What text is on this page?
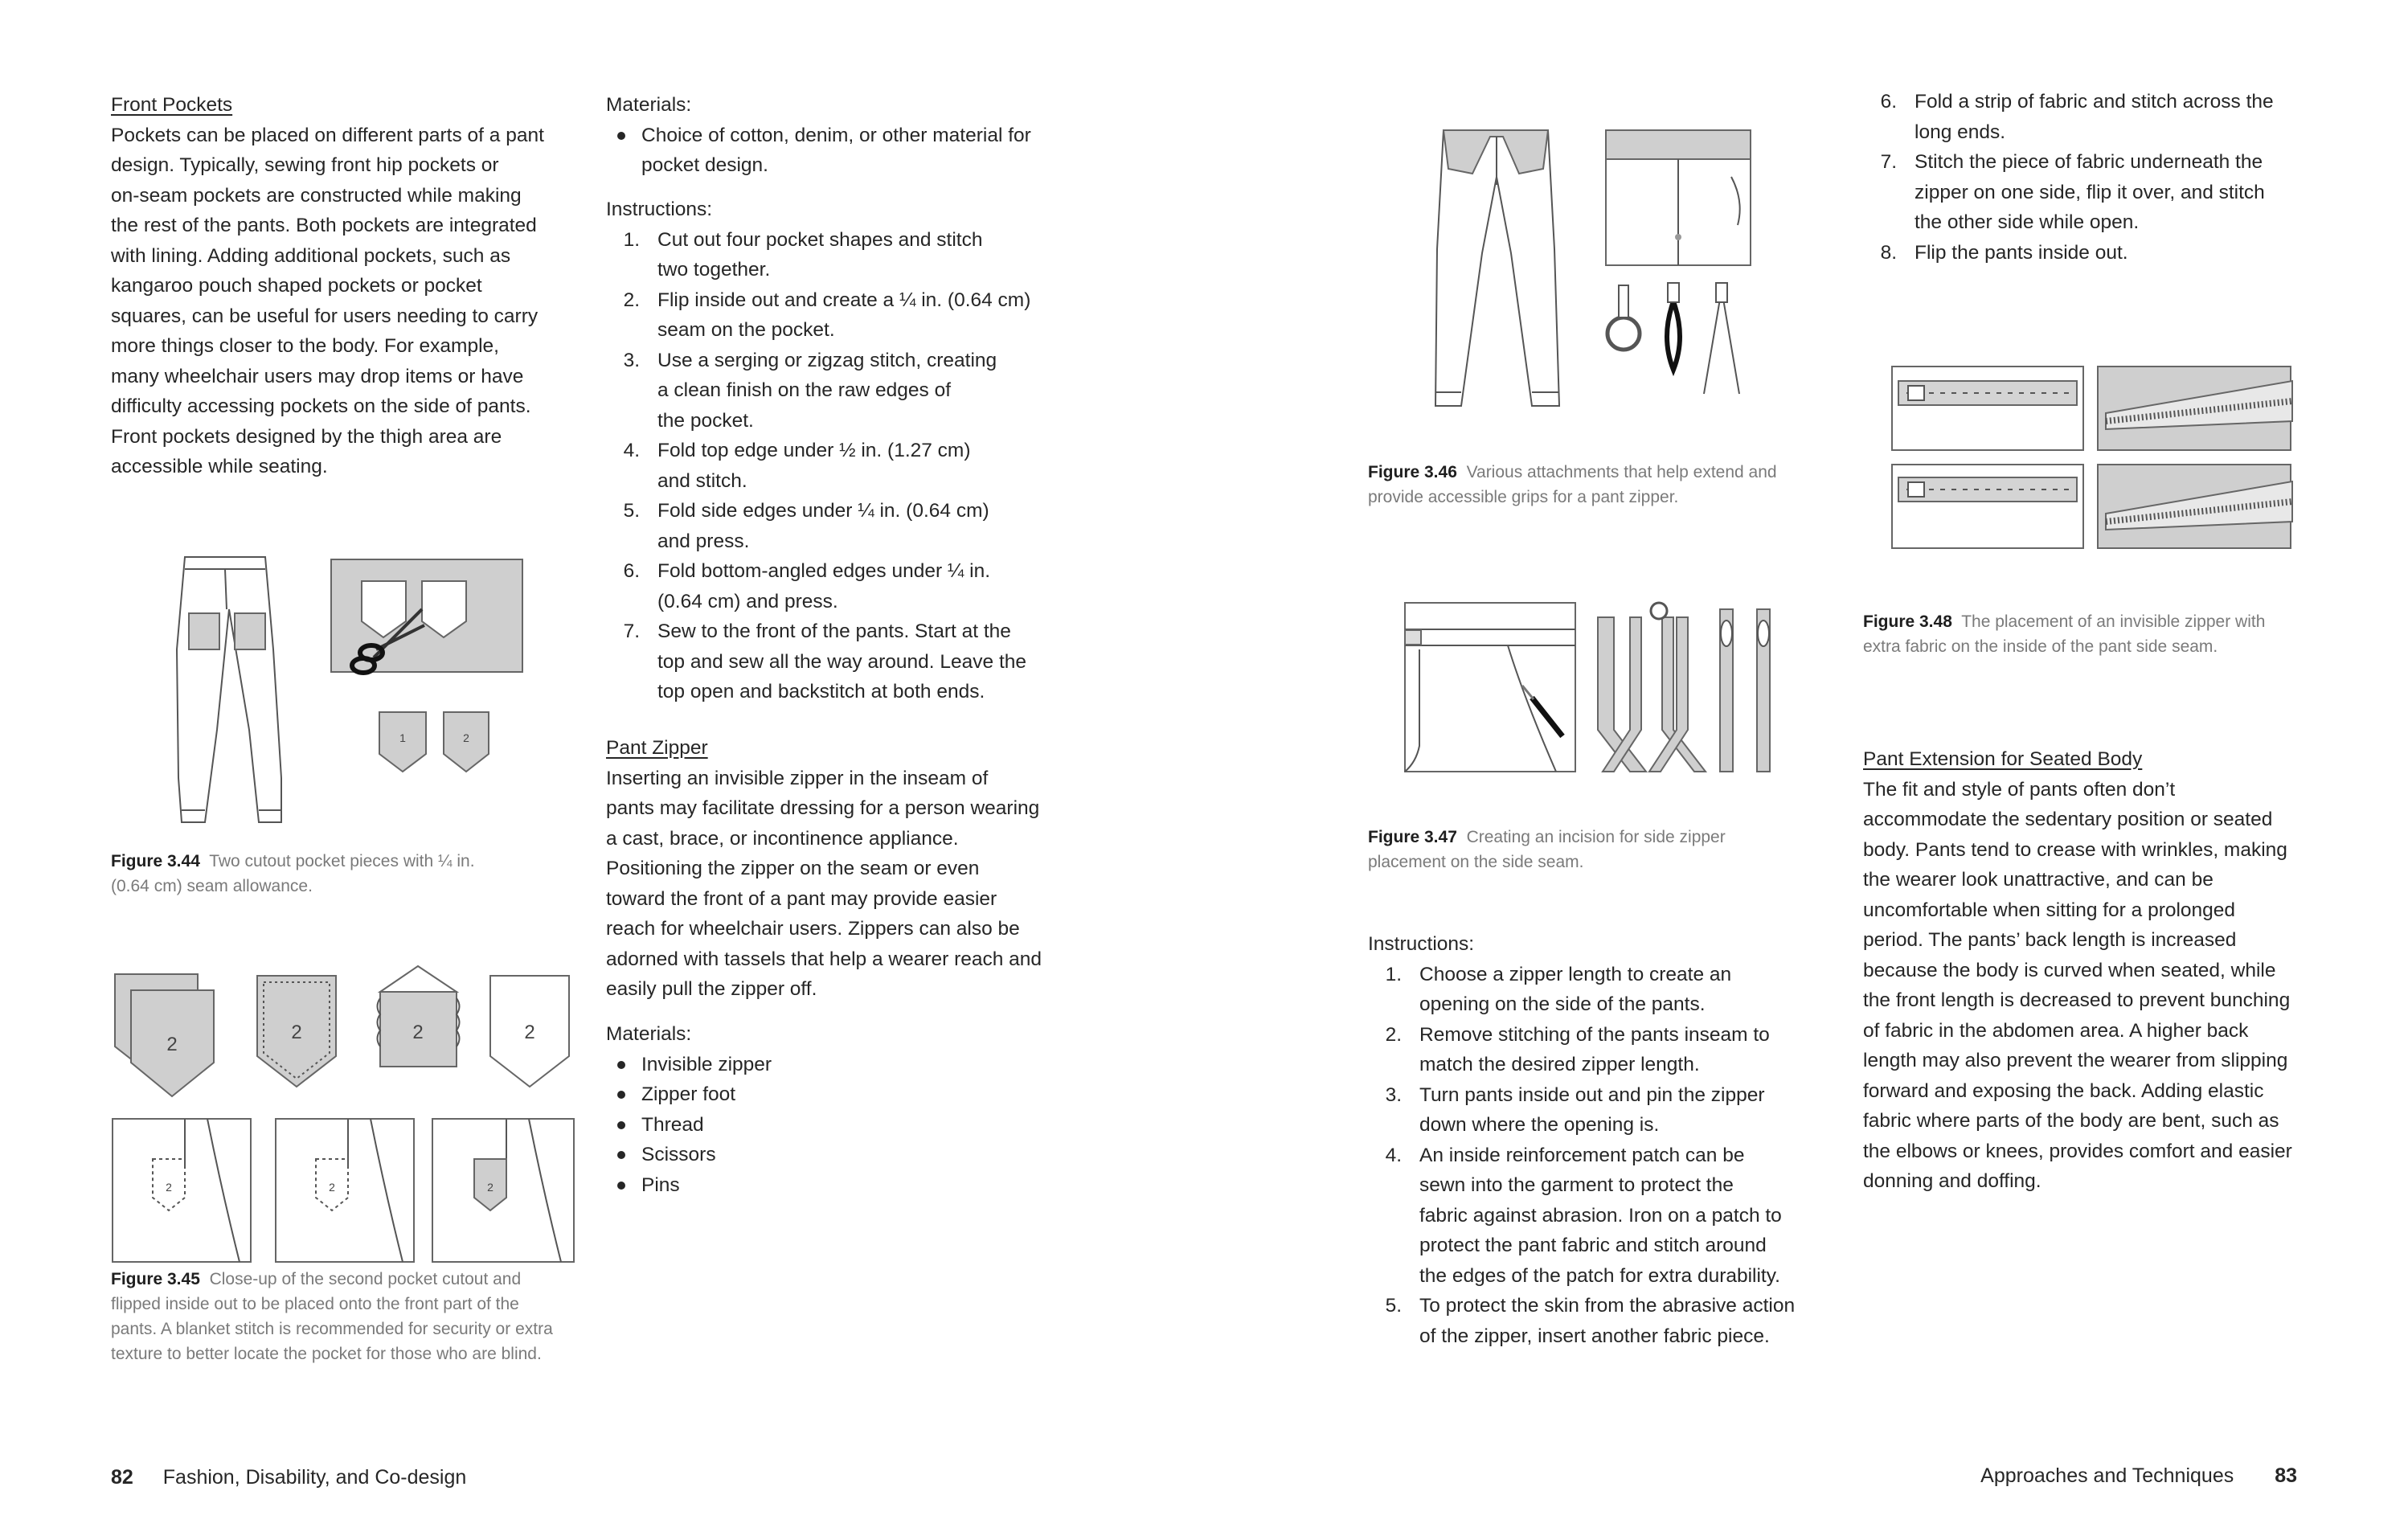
Front Pockets
Pockets can be placed on different parts of a pant
design. Typically, sewing front hip pockets or
on-seam pockets are constructed while making
the rest of the pants. Both pockets are integrated
with lining. Adding additional pockets, such as
kangaroo pouch shaped pockets or pocket
squares, can be useful for users needing to carry
more things closer to the body. For example,
many wheelchair users may drop items or have
difficulty accessing pockets on the side of pants.
Front pockets designed by the thigh area are
accessible while seating.
1	2
Figure 3.44 Two cutout pocket pieces with ¼ in.
(0.64 cm) seam allowance.
2
2	2	2
2	2	2
Figure 3.45 Close-up of the second pocket cutout and
flipped inside out to be placed onto the front part of the
pants. A blanket stitch is recommended for security or extra
texture to better locate the pocket for those who are blind.
Materials:
Choice of cotton, denim, or other material for
pocket design.
Instructions:
1. Cut out four pocket shapes and stitch
two together.
2. Flip inside out and create a ¼ in. (0.64 cm)
seam on the pocket.
3. Use a serging or zigzag stitch, creating
a clean finish on the raw edges of
the pocket.
4. Fold top edge under ½ in. (1.27 cm)
and stitch.
5. Fold side edges under ¼ in. (0.64 cm)
and press.
6. Fold bottom-angled edges under ¼ in.
(0.64 cm) and press.
7. Sew to the front of the pants. Start at the
top and sew all the way around. Leave the
top open and backstitch at both ends.
Pant Zipper
Inserting an invisible zipper in the inseam of
pants may facilitate dressing for a person wearing
a cast, brace, or incontinence appliance.
Positioning the zipper on the seam or even
toward the front of a pant may provide easier
reach for wheelchair users. Zippers can also be
adorned with tassels that help a wearer reach and
easily pull the zipper off.
Materials:
Invisible zipper
Zipper foot
Thread
Scissors
Pins
82 Fashion, Disability, and Co-design
Figure 3.46 Various attachments that help extend and
provide accessible grips for a pant zipper.
Figure 3.47 Creating an incision for side zipper
placement on the side seam.
Instructions:
1. Choose a zipper length to create an
opening on the side of the pants.
2. Remove stitching of the pants inseam to
match the desired zipper length.
3. Turn pants inside out and pin the zipper
down where the opening is.
4. An inside reinforcement patch can be
sewn into the garment to protect the
fabric against abrasion. Iron on a patch to
protect the pant fabric and stitch around
the edges of the patch for extra durability.
5. To protect the skin from the abrasive action
of the zipper, insert another fabric piece.
6. Fold a strip of fabric and stitch across the
long ends.
7. Stitch the piece of fabric underneath the
zipper on one side, flip it over, and stitch
the other side while open.
8. Flip the pants inside out.
Figure 3.48 The placement of an invisible zipper with
extra fabric on the inside of the pant side seam.
Pant Extension for Seated Body
The fit and style of pants often don’t
accommodate the sedentary position or seated
body. Pants tend to crease with wrinkles, making
the wearer look unattractive, and can be
uncomfortable when sitting for a prolonged
period. The pants’ back length is increased
because the body is curved when seated, while
the front length is decreased to prevent bunching
of fabric in the abdomen area. A higher back
length may also prevent the wearer from slipping
forward and exposing the back. Adding elastic
fabric where parts of the body are bent, such as
the elbows or knees, provides comfort and easier
donning and doffing.
Approaches and Techniques 83
